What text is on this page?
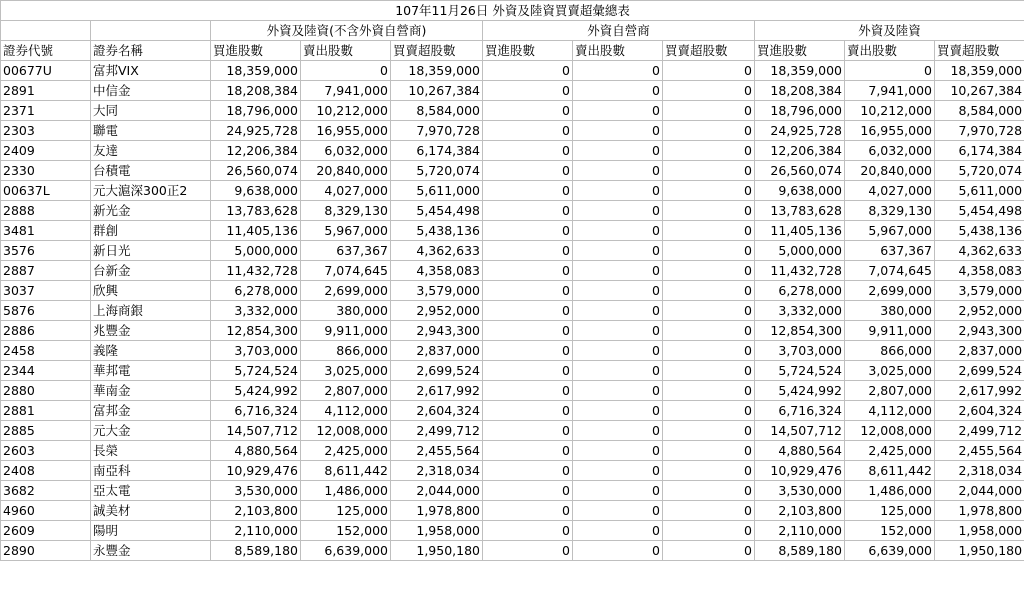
107年11月26日 外資及陸資買賣超彙總表										
		外資及陸資(不含外資自營商)			外資自營商			外資及陸資		
證券代號	證券名稱	買進股數	賣出股數	買賣超股數	買進股數	賣出股數	買賣超股數	買進股數	賣出股數	買賣超股數
00677U	富邦VIX	18,359,000	0	18,359,000	0	0	0	18,359,000	0	18,359,000
2891	中信金	18,208,384	7,941,000	10,267,384	0	0	0	18,208,384	7,941,000	10,267,384
2371	大同	18,796,000	10,212,000	8,584,000	0	0	0	18,796,000	10,212,000	8,584,000
2303	聯電	24,925,728	16,955,000	7,970,728	0	0	0	24,925,728	16,955,000	7,970,728
2409	友達	12,206,384	6,032,000	6,174,384	0	0	0	12,206,384	6,032,000	6,174,384
2330	台積電	26,560,074	20,840,000	5,720,074	0	0	0	26,560,074	20,840,000	5,720,074
00637L	元大滬深300正2	9,638,000	4,027,000	5,611,000	0	0	0	9,638,000	4,027,000	5,611,000
2888	新光金	13,783,628	8,329,130	5,454,498	0	0	0	13,783,628	8,329,130	5,454,498
3481	群創	11,405,136	5,967,000	5,438,136	0	0	0	11,405,136	5,967,000	5,438,136
3576	新日光	5,000,000	637,367	4,362,633	0	0	0	5,000,000	637,367	4,362,633
2887	台新金	11,432,728	7,074,645	4,358,083	0	0	0	11,432,728	7,074,645	4,358,083
3037	欣興	6,278,000	2,699,000	3,579,000	0	0	0	6,278,000	2,699,000	3,579,000
5876	上海商銀	3,332,000	380,000	2,952,000	0	0	0	3,332,000	380,000	2,952,000
2886	兆豐金	12,854,300	9,911,000	2,943,300	0	0	0	12,854,300	9,911,000	2,943,300
2458	義隆	3,703,000	866,000	2,837,000	0	0	0	3,703,000	866,000	2,837,000
2344	華邦電	5,724,524	3,025,000	2,699,524	0	0	0	5,724,524	3,025,000	2,699,524
2880	華南金	5,424,992	2,807,000	2,617,992	0	0	0	5,424,992	2,807,000	2,617,992
2881	富邦金	6,716,324	4,112,000	2,604,324	0	0	0	6,716,324	4,112,000	2,604,324
2885	元大金	14,507,712	12,008,000	2,499,712	0	0	0	14,507,712	12,008,000	2,499,712
2603	長榮	4,880,564	2,425,000	2,455,564	0	0	0	4,880,564	2,425,000	2,455,564
2408	南亞科	10,929,476	8,611,442	2,318,034	0	0	0	10,929,476	8,611,442	2,318,034
3682	亞太電	3,530,000	1,486,000	2,044,000	0	0	0	3,530,000	1,486,000	2,044,000
4960	誠美材	2,103,800	125,000	1,978,800	0	0	0	2,103,800	125,000	1,978,800
2609	陽明	2,110,000	152,000	1,958,000	0	0	0	2,110,000	152,000	1,958,000
2890	永豐金	8,589,180	6,639,000	1,950,180	0	0	0	8,589,180	6,639,000	1,950,180
